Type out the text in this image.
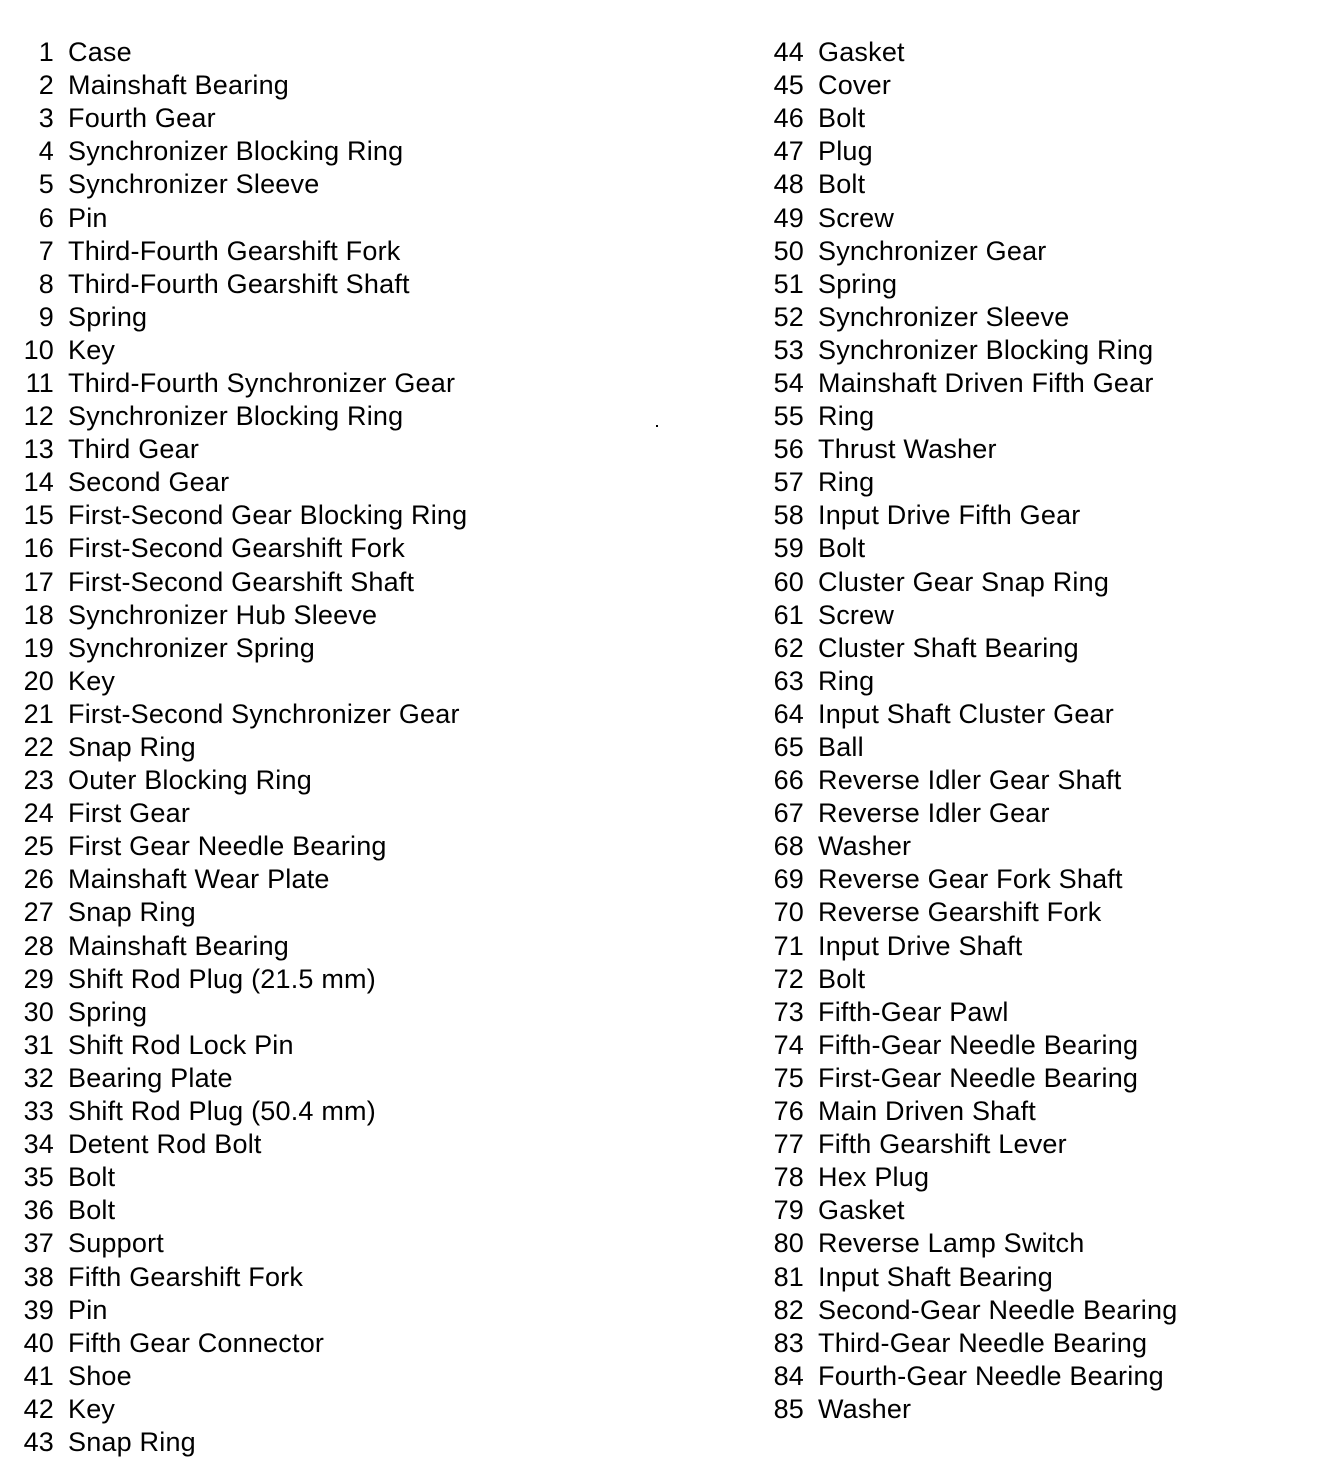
1 Case
2 Mainshaft Bearing
3 Fourth Gear
4 Synchronizer Blocking Ring
5 Synchronizer Sleeve
6 Pin
7 Third-Fourth Gearshift Fork
8 Third-Fourth Gearshift Shaft
9 Spring
10 Key
11 Third-Fourth Synchronizer Gear
12 Synchronizer Blocking Ring
13 Third Gear
14 Second Gear
15 First-Second Gear Blocking Ring
16 First-Second Gearshift Fork
17 First-Second Gearshift Shaft
18 Synchronizer Hub Sleeve
19 Synchronizer Spring
20 Key
21 First-Second Synchronizer Gear
22 Snap Ring
23 Outer Blocking Ring
24 First Gear
25 First Gear Needle Bearing
26 Mainshaft Wear Plate
27 Snap Ring
28 Mainshaft Bearing
29 Shift Rod Plug (21.5 mm)
30 Spring
31 Shift Rod Lock Pin
32 Bearing Plate
33 Shift Rod Plug (50.4 mm)
34 Detent Rod Bolt
35 Bolt
36 Bolt
37 Support
38 Fifth Gearshift Fork
39 Pin
40 Fifth Gear Connector
41 Shoe
42 Key
43 Snap Ring
44 Gasket
45 Cover
46 Bolt
47 Plug
48 Bolt
49 Screw
50 Synchronizer Gear
51 Spring
52 Synchronizer Sleeve
53 Synchronizer Blocking Ring
54 Mainshaft Driven Fifth Gear
55 Ring
56 Thrust Washer
57 Ring
58 Input Drive Fifth Gear
59 Bolt
60 Cluster Gear Snap Ring
61 Screw
62 Cluster Shaft Bearing
63 Ring
64 Input Shaft Cluster Gear
65 Ball
66 Reverse Idler Gear Shaft
67 Reverse Idler Gear
68 Washer
69 Reverse Gear Fork Shaft
70 Reverse Gearshift Fork
71 Input Drive Shaft
72 Bolt
73 Fifth-Gear Pawl
74 Fifth-Gear Needle Bearing
75 First-Gear Needle Bearing
76 Main Driven Shaft
77 Fifth Gearshift Lever
78 Hex Plug
79 Gasket
80 Reverse Lamp Switch
81 Input Shaft Bearing
82 Second-Gear Needle Bearing
83 Third-Gear Needle Bearing
84 Fourth-Gear Needle Bearing
85 Washer
